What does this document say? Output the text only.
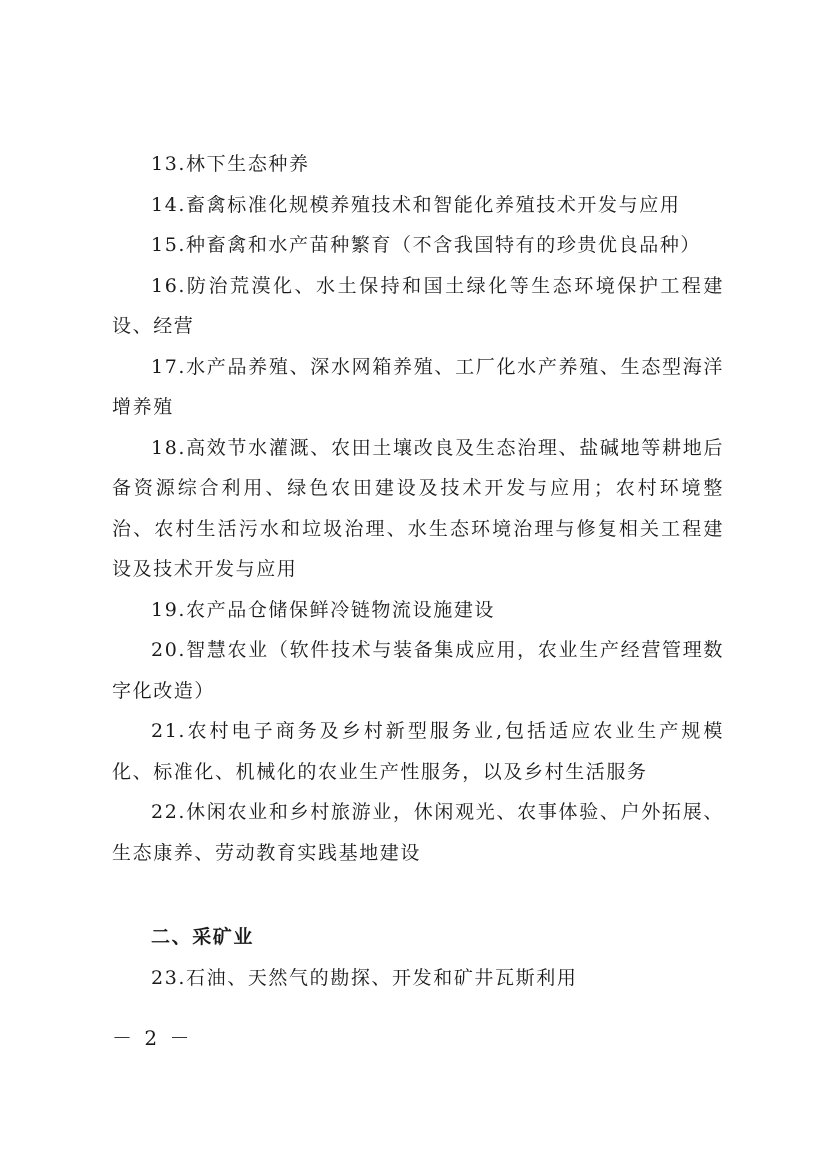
13.林下生态种养

14.畜禽标准化规模养殖技术和智能化养殖技术开发与应用

15.种畜禽和水产苗种繁育（不含我国特有的珍贵优良品种）

16.防治荒漠化、水土保持和国土绿化等生态环境保护工程建设、经营

17.水产品养殖、深水网箱养殖、工厂化水产养殖、生态型海洋增养殖

18.高效节水灌溉、农田土壤改良及生态治理、盐碱地等耕地后备资源综合利用、绿色农田建设及技术开发与应用；农村环境整治、农村生活污水和垃圾治理、水生态环境治理与修复相关工程建设及技术开发与应用

19.农产品仓储保鲜冷链物流设施建设

20.智慧农业（软件技术与装备集成应用，农业生产经营管理数字化改造）

21.农村电子商务及乡村新型服务业,包括适应农业生产规模化、标准化、机械化的农业生产性服务，以及乡村生活服务

22.休闲农业和乡村旅游业，休闲观光、农事体验、户外拓展、生态康养、劳动教育实践基地建设

二、采矿业

23.石油、天然气的勘探、开发和矿井瓦斯利用

－ 2 －
